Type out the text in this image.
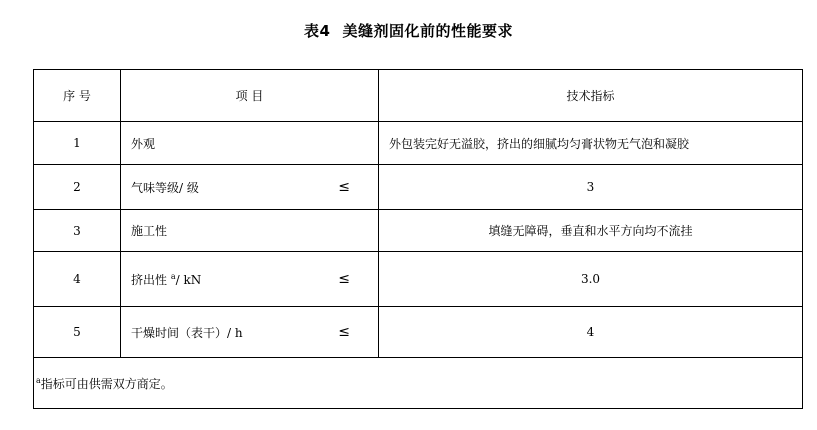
表4 美缝剂固化前的性能要求
序 号	项 目	技术指标
1	外观	外包装完好无溢胶，挤出的细腻均匀膏状物无气泡和凝胶
2	气味等级/ 级 ≤	3
3	施工性	填缝无障碍，垂直和水平方向均不流挂
4	挤出性 $^a$/ kN ≤	3.0
5	干燥时间（表干）/ h ≤	4
$^a$指标可由供需双方商定。		
